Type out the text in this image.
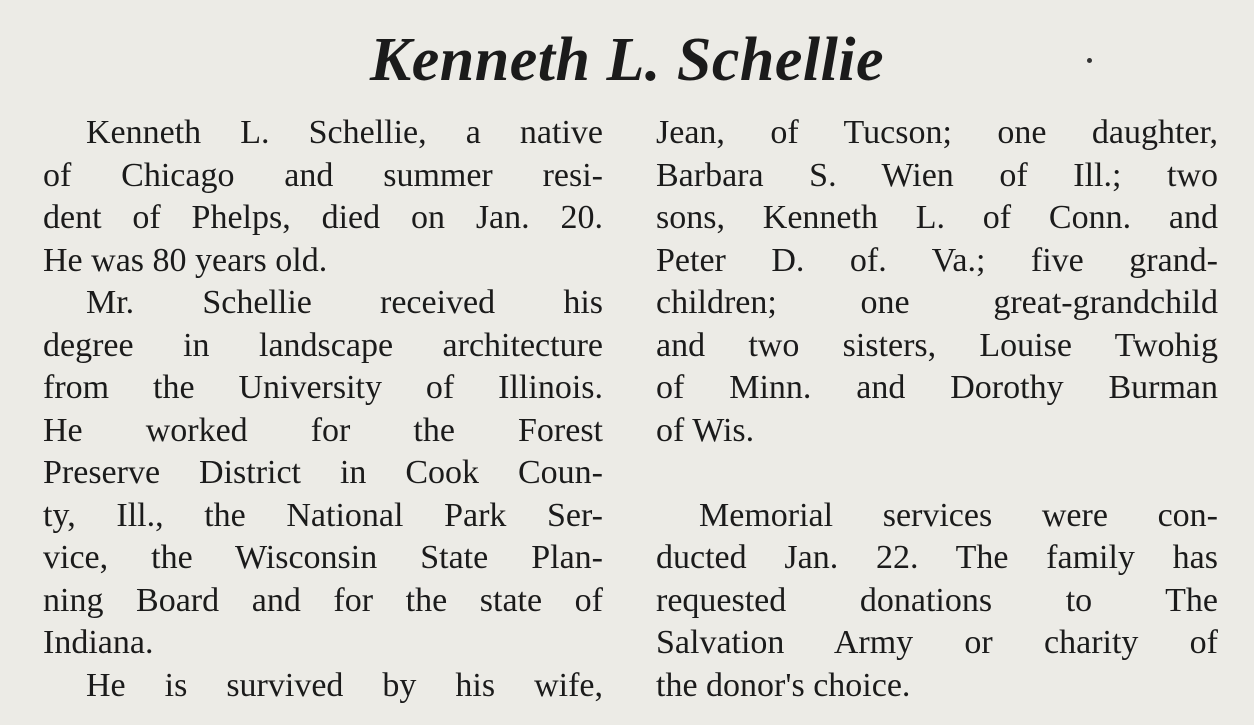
Kenneth L. Schellie
Kenneth L. Schellie, a native
of Chicago and summer resi-
dent of Phelps, died on Jan. 20.
He was 80 years old.
Mr. Schellie received his
degree in landscape architecture
from the University of Illinois.
He worked for the Forest
Preserve District in Cook Coun-
ty, Ill., the National Park Ser-
vice, the Wisconsin State Plan-
ning Board and for the state of
Indiana.
He is survived by his wife,
Jean, of Tucson; one daughter,
Barbara S. Wien of Ill.; two
sons, Kenneth L. of Conn. and
Peter D. of. Va.; five grand-
children; one great-grandchild
and two sisters, Louise Twohig
of Minn. and Dorothy Burman
of Wis.
Memorial services were con-
ducted Jan. 22. The family has
requested donations to The
Salvation Army or charity of
the donor's choice.
